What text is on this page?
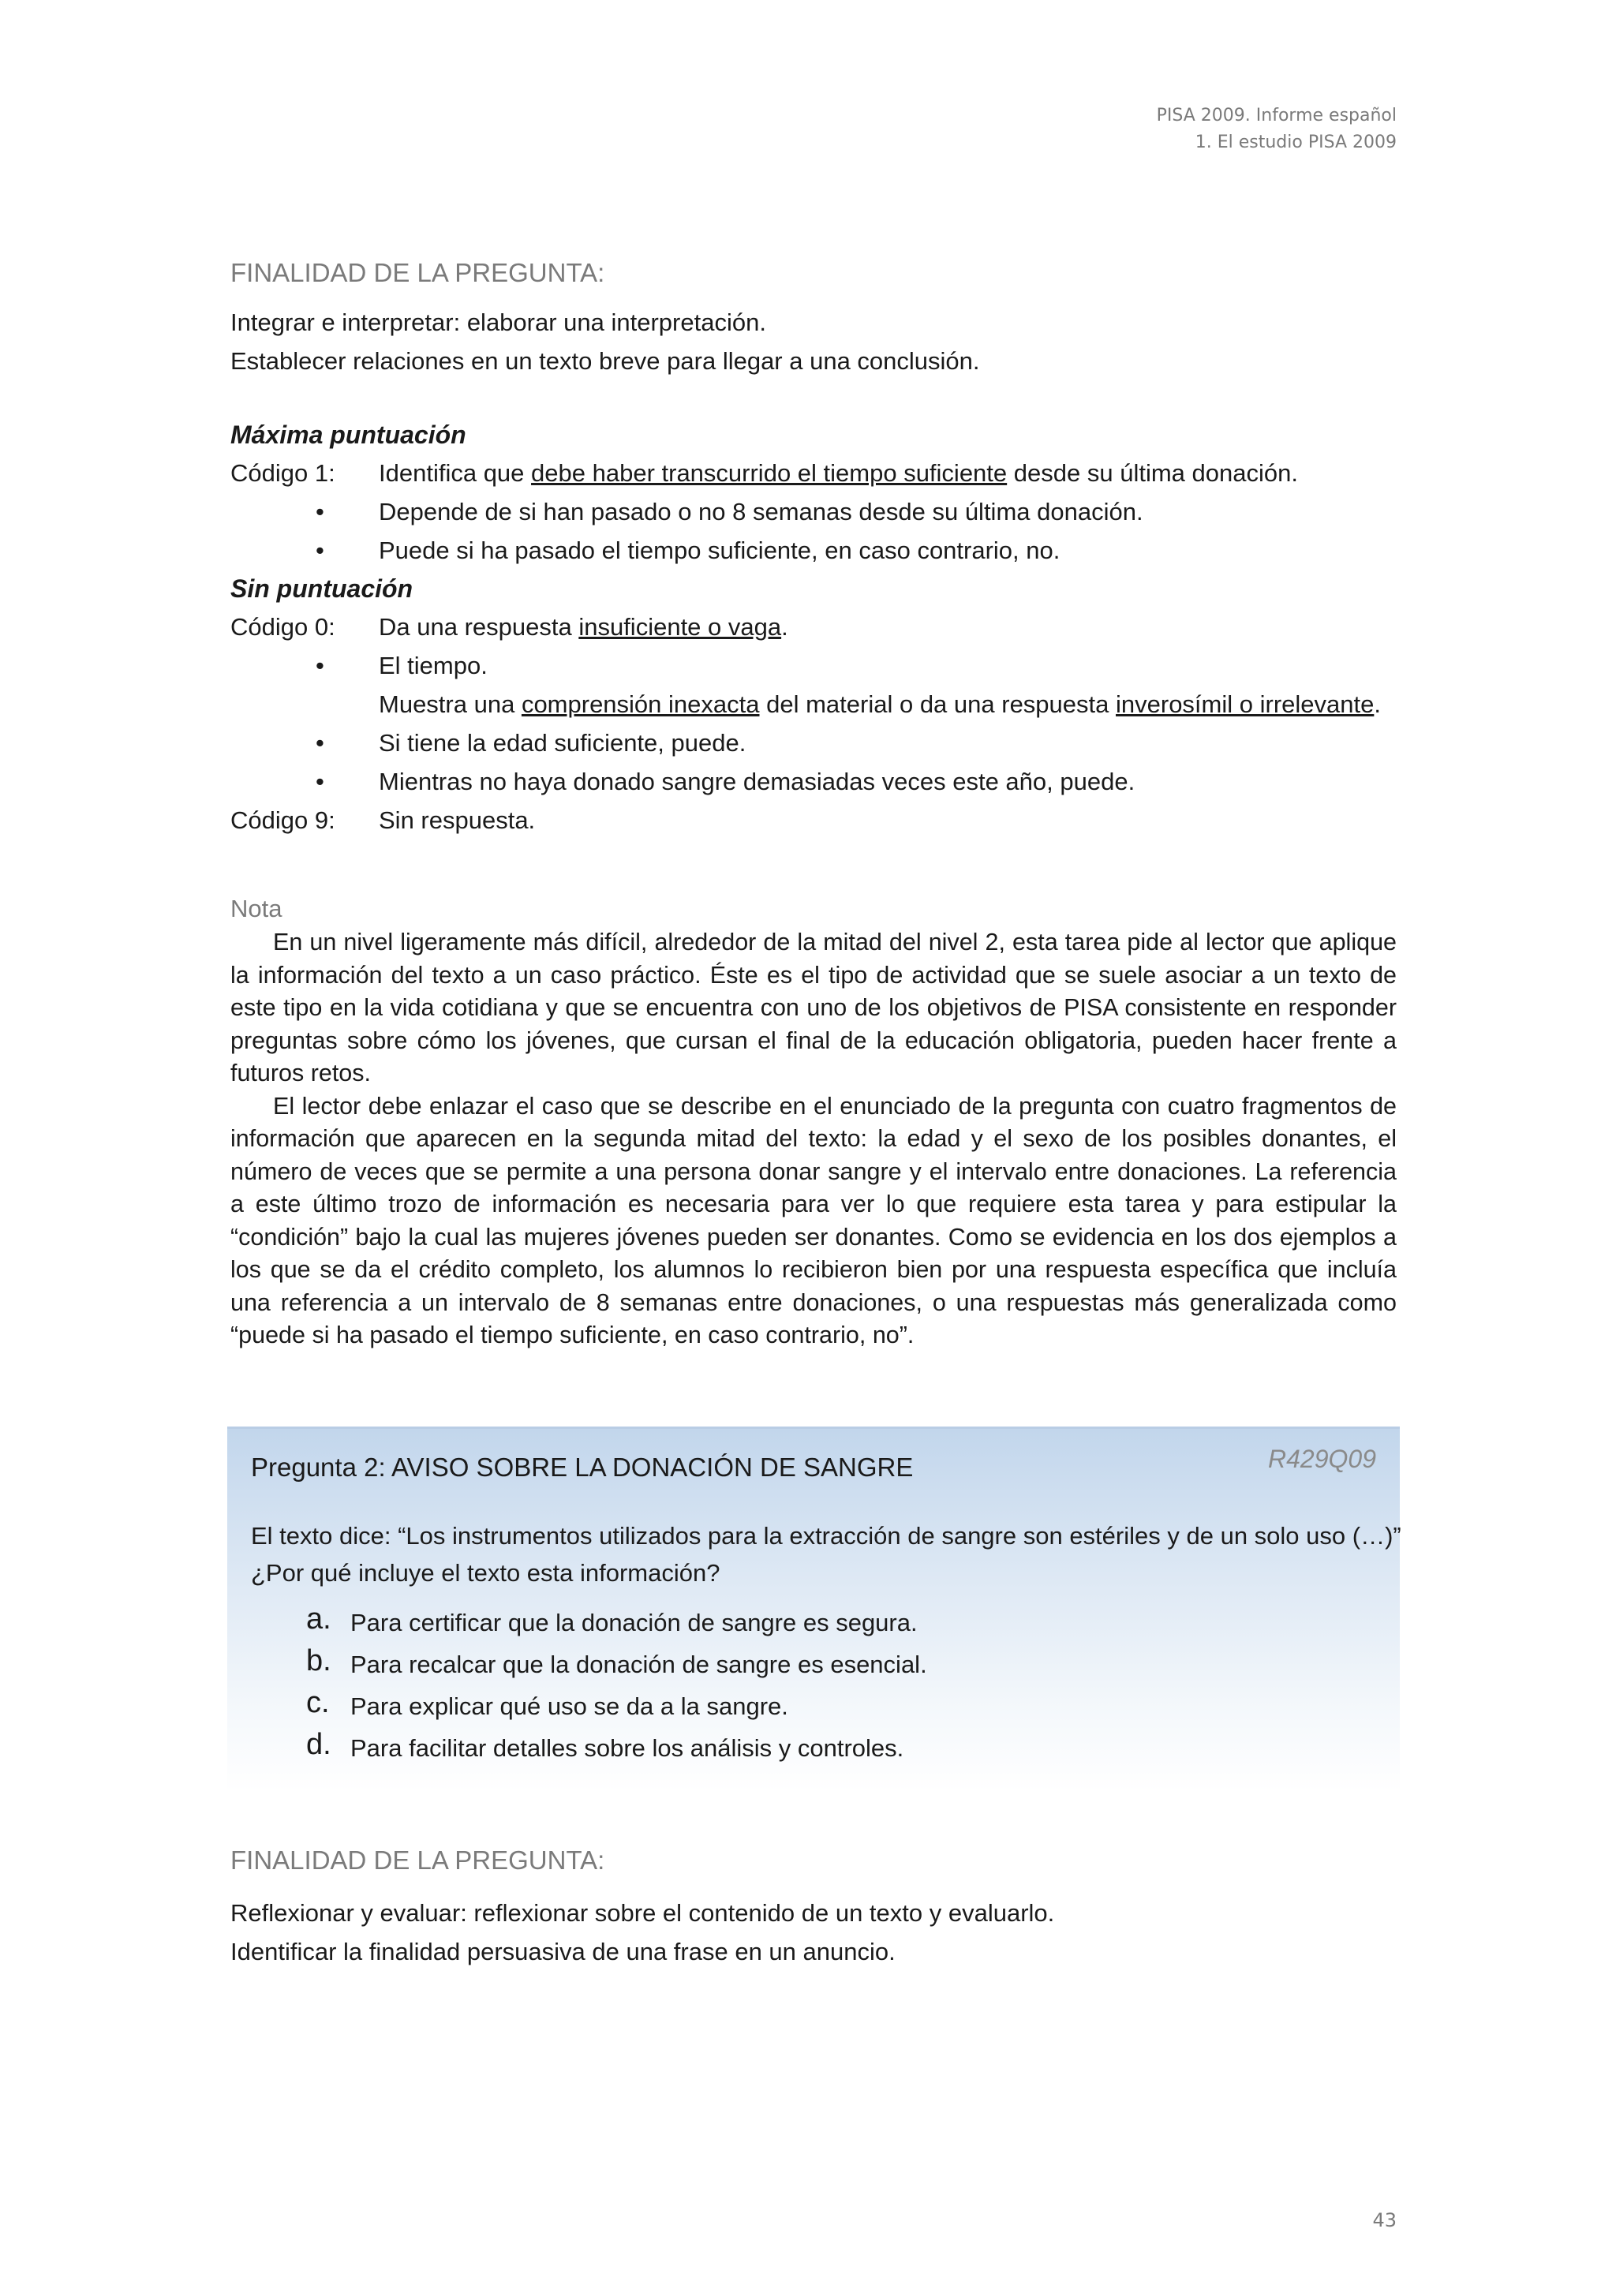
PISA 2009. Informe español
1. El estudio PISA 2009

FINALIDAD DE LA PREGUNTA:

Integrar e interpretar: elaborar una interpretación.

Establecer relaciones en un texto breve para llegar a una conclusión.

Máxima puntuación

Código 1: Identifica que debe haber transcurrido el tiempo suficiente desde su última donación.
• Depende de si han pasado o no 8 semanas desde su última donación.
• Puede si ha pasado el tiempo suficiente, en caso contrario, no.

Sin puntuación

Código 0: Da una respuesta insuficiente o vaga.
• El tiempo.
Muestra una comprensión inexacta del material o da una respuesta inverosímil o irrelevante.
• Si tiene la edad suficiente, puede.
• Mientras no haya donado sangre demasiadas veces este año, puede.
Código 9: Sin respuesta.

Nota

En un nivel ligeramente más difícil, alrededor de la mitad del nivel 2, esta tarea pide al lector que aplique la información del texto a un caso práctico. Éste es el tipo de actividad que se suele asociar a un texto de este tipo en la vida cotidiana y que se encuentra con uno de los objetivos de PISA consistente en responder preguntas sobre cómo los jóvenes, que cursan el final de la educación obligatoria, pueden hacer frente a futuros retos.

El lector debe enlazar el caso que se describe en el enunciado de la pregunta con cuatro fragmentos de información que aparecen en la segunda mitad del texto: la edad y el sexo de los posibles donantes, el número de veces que se permite a una persona donar sangre y el intervalo entre donaciones. La referencia a este último trozo de información es necesaria para ver lo que requiere esta tarea y para estipular la “condición” bajo la cual las mujeres jóvenes pueden ser donantes. Como se evidencia en los dos ejemplos a los que se da el crédito completo, los alumnos lo recibieron bien por una respuesta específica que incluía una referencia a un intervalo de 8 semanas entre donaciones, o una respuestas más generalizada como “puede si ha pasado el tiempo suficiente, en caso contrario, no”.

Pregunta 2: AVISO SOBRE LA DONACIÓN DE SANGRE	R429Q09
El texto dice: “Los instrumentos utilizados para la extracción de sangre son estériles y de un solo uso (…)”
¿Por qué incluye el texto esta información?
a. Para certificar que la donación de sangre es segura.
b. Para recalcar que la donación de sangre es esencial.
c. Para explicar qué uso se da a la sangre.
d. Para facilitar detalles sobre los análisis y controles.

FINALIDAD DE LA PREGUNTA:

Reflexionar y evaluar: reflexionar sobre el contenido de un texto y evaluarlo.

Identificar la finalidad persuasiva de una frase en un anuncio.

43
